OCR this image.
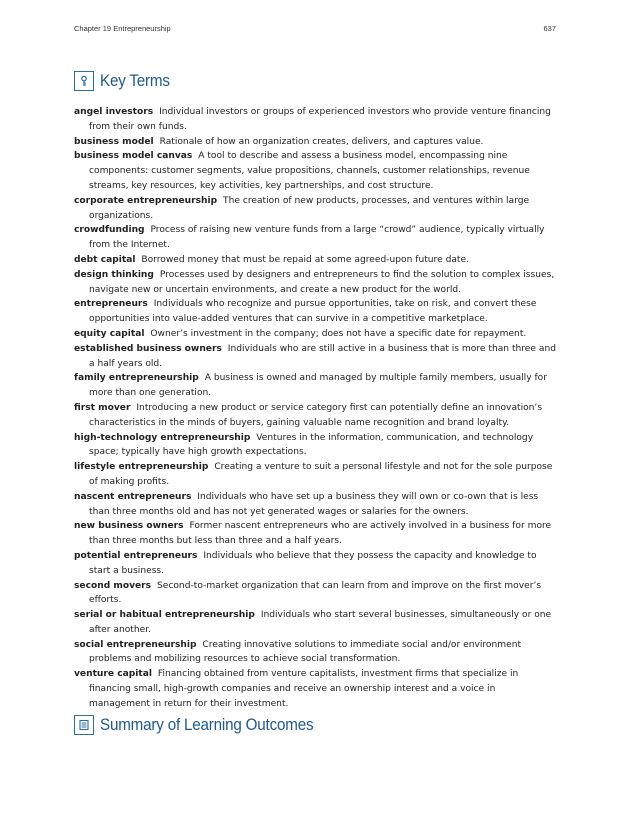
Chapter 19 Entrepreneurship	637
Key Terms

angel investors Individual investors or groups of experienced investors who provide venture financing from their own funds.

business model Rationale of how an organization creates, delivers, and captures value.

business model canvas A tool to describe and assess a business model, encompassing nine components: customer segments, value propositions, channels, customer relationships, revenue streams, key resources, key activities, key partnerships, and cost structure.

corporate entrepreneurship The creation of new products, processes, and ventures within large organizations.

crowdfunding Process of raising new venture funds from a large “crowd” audience, typically virtually from the Internet.

debt capital Borrowed money that must be repaid at some agreed-upon future date.

design thinking Processes used by designers and entrepreneurs to find the solution to complex issues, navigate new or uncertain environments, and create a new product for the world.

entrepreneurs Individuals who recognize and pursue opportunities, take on risk, and convert these opportunities into value-added ventures that can survive in a competitive marketplace.

equity capital Owner’s investment in the company; does not have a specific date for repayment.

established business owners Individuals who are still active in a business that is more than three and a half years old.

family entrepreneurship A business is owned and managed by multiple family members, usually for more than one generation.

first mover Introducing a new product or service category first can potentially define an innovation’s characteristics in the minds of buyers, gaining valuable name recognition and brand loyalty.

high-technology entrepreneurship Ventures in the information, communication, and technology space; typically have high growth expectations.

lifestyle entrepreneurship Creating a venture to suit a personal lifestyle and not for the sole purpose of making profits.

nascent entrepreneurs Individuals who have set up a business they will own or co-own that is less than three months old and has not yet generated wages or salaries for the owners.

new business owners Former nascent entrepreneurs who are actively involved in a business for more than three months but less than three and a half years.

potential entrepreneurs Individuals who believe that they possess the capacity and knowledge to start a business.

second movers Second-to-market organization that can learn from and improve on the first mover’s efforts.

serial or habitual entrepreneurship Individuals who start several businesses, simultaneously or one after another.

social entrepreneurship Creating innovative solutions to immediate social and/or environment problems and mobilizing resources to achieve social transformation.

venture capital Financing obtained from venture capitalists, investment firms that specialize in financing small, high-growth companies and receive an ownership interest and a voice in management in return for their investment.

Summary of Learning Outcomes
